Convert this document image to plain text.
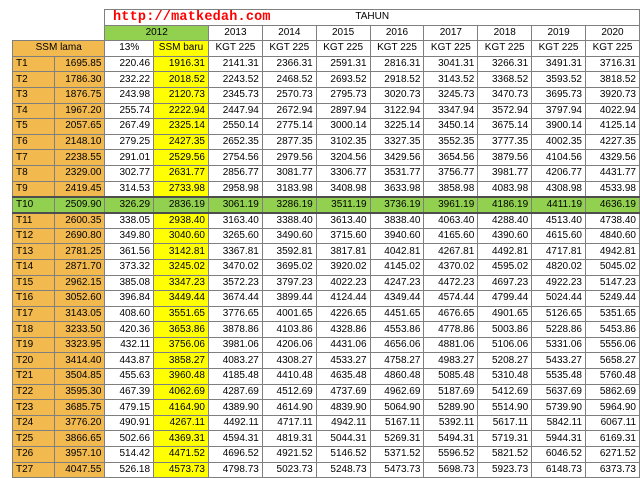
http://matkedah.com
		TAHUN									
		2012		2013	2014	2015	2016	2017	2018	2019	2020
SSM lama		13%	SSM baru	KGT 225	KGT 225	KGT 225	KGT 225	KGT 225	KGT 225	KGT 225	KGT 225
T1	1695.85	220.46	1916.31	2141.31	2366.31	2591.31	2816.31	3041.31	3266.31	3491.31	3716.31
T2	1786.30	232.22	2018.52	2243.52	2468.52	2693.52	2918.52	3143.52	3368.52	3593.52	3818.52
T3	1876.75	243.98	2120.73	2345.73	2570.73	2795.73	3020.73	3245.73	3470.73	3695.73	3920.73
T4	1967.20	255.74	2222.94	2447.94	2672.94	2897.94	3122.94	3347.94	3572.94	3797.94	4022.94
T5	2057.65	267.49	2325.14	2550.14	2775.14	3000.14	3225.14	3450.14	3675.14	3900.14	4125.14
T6	2148.10	279.25	2427.35	2652.35	2877.35	3102.35	3327.35	3552.35	3777.35	4002.35	4227.35
T7	2238.55	291.01	2529.56	2754.56	2979.56	3204.56	3429.56	3654.56	3879.56	4104.56	4329.56
T8	2329.00	302.77	2631.77	2856.77	3081.77	3306.77	3531.77	3756.77	3981.77	4206.77	4431.77
T9	2419.45	314.53	2733.98	2958.98	3183.98	3408.98	3633.98	3858.98	4083.98	4308.98	4533.98
T10	2509.90	326.29	2836.19	3061.19	3286.19	3511.19	3736.19	3961.19	4186.19	4411.19	4636.19
T11	2600.35	338.05	2938.40	3163.40	3388.40	3613.40	3838.40	4063.40	4288.40	4513.40	4738.40
T12	2690.80	349.80	3040.60	3265.60	3490.60	3715.60	3940.60	4165.60	4390.60	4615.60	4840.60
T13	2781.25	361.56	3142.81	3367.81	3592.81	3817.81	4042.81	4267.81	4492.81	4717.81	4942.81
T14	2871.70	373.32	3245.02	3470.02	3695.02	3920.02	4145.02	4370.02	4595.02	4820.02	5045.02
T15	2962.15	385.08	3347.23	3572.23	3797.23	4022.23	4247.23	4472.23	4697.23	4922.23	5147.23
T16	3052.60	396.84	3449.44	3674.44	3899.44	4124.44	4349.44	4574.44	4799.44	5024.44	5249.44
T17	3143.05	408.60	3551.65	3776.65	4001.65	4226.65	4451.65	4676.65	4901.65	5126.65	5351.65
T18	3233.50	420.36	3653.86	3878.86	4103.86	4328.86	4553.86	4778.86	5003.86	5228.86	5453.86
T19	3323.95	432.11	3756.06	3981.06	4206.06	4431.06	4656.06	4881.06	5106.06	5331.06	5556.06
T20	3414.40	443.87	3858.27	4083.27	4308.27	4533.27	4758.27	4983.27	5208.27	5433.27	5658.27
T21	3504.85	455.63	3960.48	4185.48	4410.48	4635.48	4860.48	5085.48	5310.48	5535.48	5760.48
T22	3595.30	467.39	4062.69	4287.69	4512.69	4737.69	4962.69	5187.69	5412.69	5637.69	5862.69
T23	3685.75	479.15	4164.90	4389.90	4614.90	4839.90	5064.90	5289.90	5514.90	5739.90	5964.90
T24	3776.20	490.91	4267.11	4492.11	4717.11	4942.11	5167.11	5392.11	5617.11	5842.11	6067.11
T25	3866.65	502.66	4369.31	4594.31	4819.31	5044.31	5269.31	5494.31	5719.31	5944.31	6169.31
T26	3957.10	514.42	4471.52	4696.52	4921.52	5146.52	5371.52	5596.52	5821.52	6046.52	6271.52
T27	4047.55	526.18	4573.73	4798.73	5023.73	5248.73	5473.73	5698.73	5923.73	6148.73	6373.73
